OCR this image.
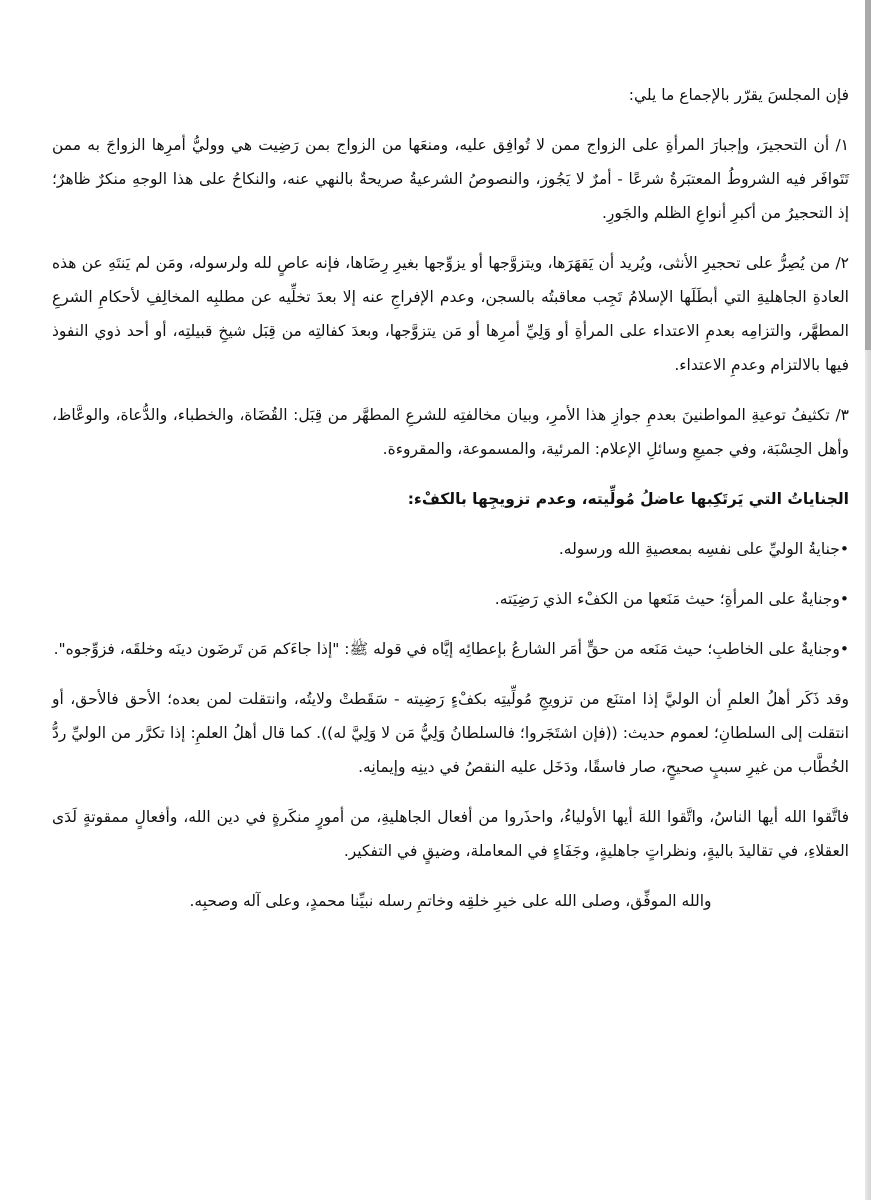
فإن المجلسَ يقرّر بالإجماع ما يلي:

١/ أن التحجيرَ، وإجبارَ المرأةِ على الزواج ممن لا تُوافِق عليه، ومنعَها من الزواج بمن رَضِيت هي ووليُّ أمرِها الزواجَ به ممن تَتَوافَر فيه الشروطُ المعتبَرةُ شرعًا - أمرٌ لا يَجُوز، والنصوصُ الشرعيةُ صريحةٌ بالنهي عنه، والنكاحُ على هذا الوجهِ منكرٌ ظاهرٌ؛ إذ التحجيرُ من أكبرِ أنواعِ الظلم والجَورِ.

٢/ من يُصِرُّ على تحجيرِ الأنثى، ويُريد أن يَقهَرَها، ويتزوَّجها أو يزوِّجها بغيرِ رِضَاها، فإنه عاصٍ لله ولرسوله، ومَن لم يَنتَهِ عن هذه العادةِ الجاهليةِ التي أبطَلَها الإسلامُ تَجِب معاقبتُه بالسجن، وعدم الإفراجِ عنه إلا بعدَ تخلِّيه عن مطلبِه المخالِفِ لأحكامِ الشرعِ المطهَّر، والتزامِه بعدمِ الاعتداء على المرأةِ أو وَلِيِّ أمرِها أو مَن يتزوَّجها، وبعدَ كفالتِه من قِبَل شيخِ قبيلتِه، أو أحد ذوي النفوذ فيها بالالتزام وعدمِ الاعتداء.

٣/ تكثيفُ توعيةِ المواطنينَ بعدمِ جوازِ هذا الأمرِ، وبيان مخالفتِه للشرعِ المطهَّر من قِبَل: القُضَاة، والخطباء، والدُّعاة، والوعَّاظ، وأهل الحِسْبَة، وفي جميعِ وسائلِ الإعلام: المرئية، والمسموعة، والمقروءة.

الجناياتُ التي يَرتَكِبها عاضلُ مُولِّيته، وعدم تزويجِها بالكفْء:

•جنايةُ الوليِّ على نفسِه بمعصيةِ الله ورسوله.

•وجنايةٌ على المرأةِ؛ حيث مَنَعها من الكفْء الذي رَضِيَته.

•وجنايةٌ على الخاطبِ؛ حيث مَنَعه من حقٍّ أمَر الشارعُ بإعطائِه إيَّاه في قوله ﷺ: "إذا جاءَكم مَن تَرضَون دينَه وخلقَه، فزوِّجوه".

وقد ذَكَر أهلُ العلمِ أن الوليَّ إذا امتنَع من تزويجِ مُولِّيتِه بكفْءٍ رَضِيته - سَقَطتْ ولايتُه، وانتقلت لمن بعده؛ الأحق فالأحق، أو انتقلت إلى السلطانِ؛ لعموم حديث: ((فإن اشتَجَروا؛ فالسلطانُ وَلِيُّ مَن لا وَلِيَّ له)). كما قال أهلُ العلمِ: إذا تكرَّر من الوليِّ ردُّ الخُطَّاب من غيرِ سببٍ صحيحٍ، صار فاسقًا، ودَخَل عليه النقصُ في دينِه وإيمانِه.

فاتَّقوا الله أيها الناسُ، واتَّقوا اللهَ أيها الأولياءُ، واحذَروا من أفعال الجاهليةِ، من أمورٍ منكَرةٍ في دين الله، وأفعالٍ ممقوتةٍ لَدَى العقلاءِ، في تقاليدَ باليةٍ، ونظراتٍ جاهليةٍ، وجَفَاءٍ في المعاملة، وضيقٍ في التفكير.

والله الموفِّق، وصلى الله على خيرِ خلقِه وخاتمِ رسله نبيِّنا محمدٍ، وعلى آله وصحبِه.
